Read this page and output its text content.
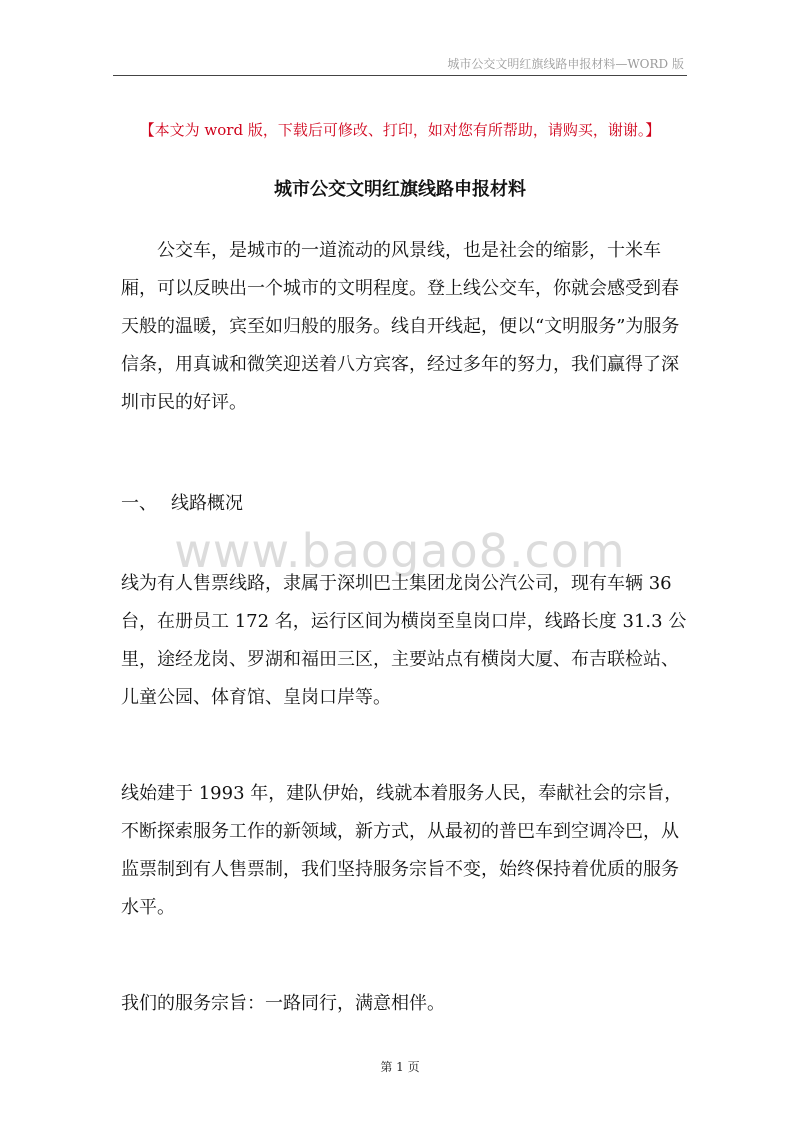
城市公交文明红旗线路申报材料—WORD 版
【本文为 word 版，下载后可修改、打印，如对您有所帮助，请购买，谢谢。】
城市公交文明红旗线路申报材料

公交车，是城市的一道流动的风景线，也是社会的缩影，十米车厢，可以反映出一个城市的文明程度。登上线公交车，你就会感受到春天般的温暖，宾至如归般的服务。线自开线起，便以“文明服务”为服务信条，用真诚和微笑迎送着八方宾客，经过多年的努力，我们赢得了深圳市民的好评。

一、 线路概况
www.baogao8.com

线为有人售票线路，隶属于深圳巴士集团龙岗公汽公司，现有车辆 36 台，在册员工 172 名，运行区间为横岗至皇岗口岸，线路长度 31.3 公里，途经龙岗、罗湖和福田三区，主要站点有横岗大厦、布吉联检站、儿童公园、体育馆、皇岗口岸等。

线始建于 1993 年，建队伊始，线就本着服务人民，奉献社会的宗旨，不断探索服务工作的新领域，新方式，从最初的普巴车到空调冷巴，从监票制到有人售票制，我们坚持服务宗旨不变，始终保持着优质的服务水平。

我们的服务宗旨：一路同行，满意相伴。

第 1 页
